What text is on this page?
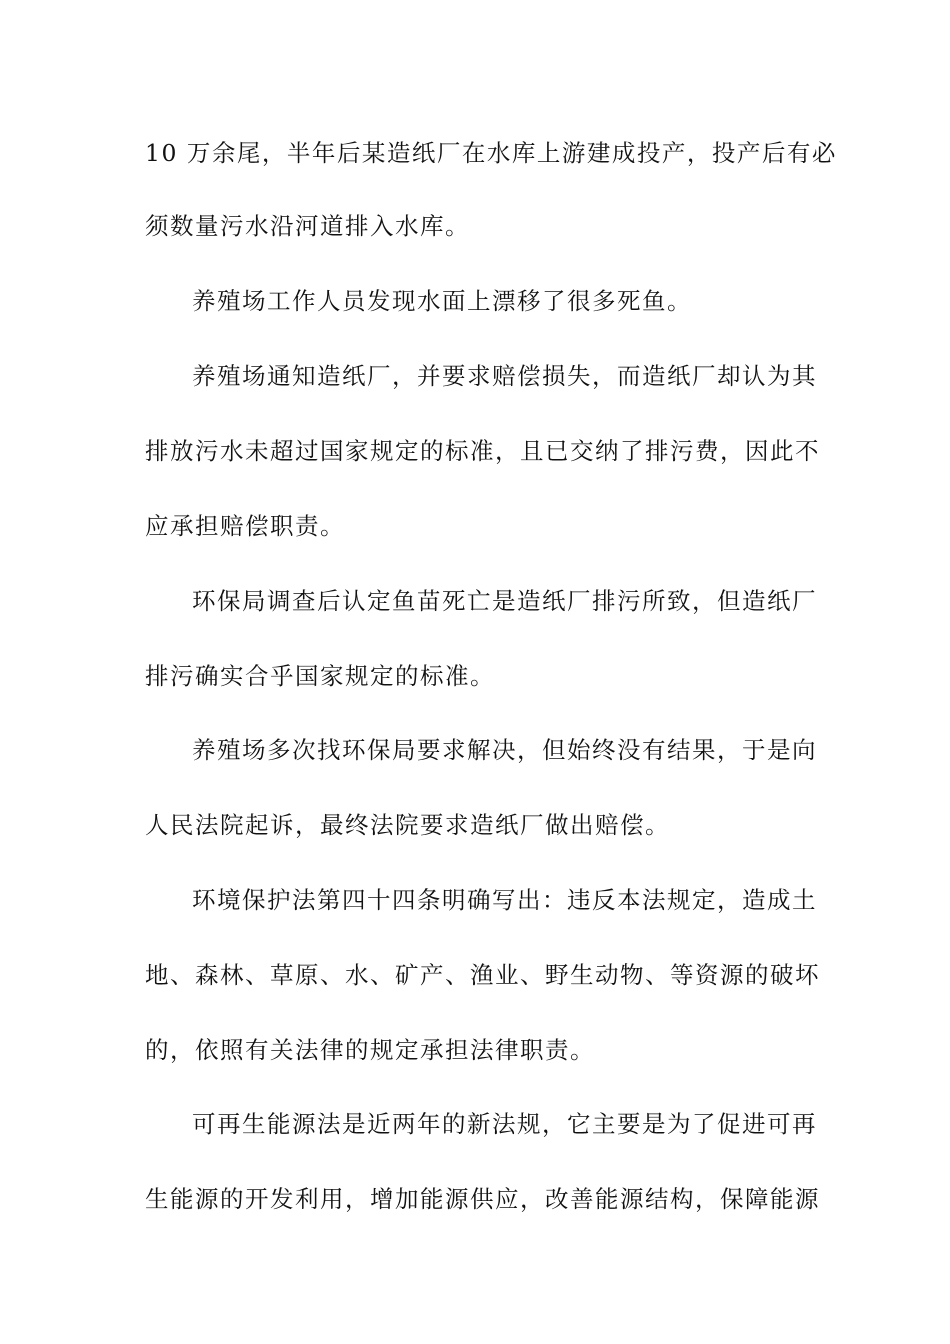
10 万余尾，半年后某造纸厂在水库上游建成投产，投产后有必
须数量污水沿河道排入水库。
养殖场工作人员发现水面上漂移了很多死鱼。
养殖场通知造纸厂，并要求赔偿损失，而造纸厂却认为其
排放污水未超过国家规定的标准，且已交纳了排污费，因此不
应承担赔偿职责。
环保局调查后认定鱼苗死亡是造纸厂排污所致，但造纸厂
排污确实合乎国家规定的标准。
养殖场多次找环保局要求解决，但始终没有结果，于是向
人民法院起诉，最终法院要求造纸厂做出赔偿。
环境保护法第四十四条明确写出：违反本法规定，造成土
地、森林、草原、水、矿产、渔业、野生动物、等资源的破坏
的，依照有关法律的规定承担法律职责。
可再生能源法是近两年的新法规，它主要是为了促进可再
生能源的开发利用，增加能源供应，改善能源结构，保障能源
